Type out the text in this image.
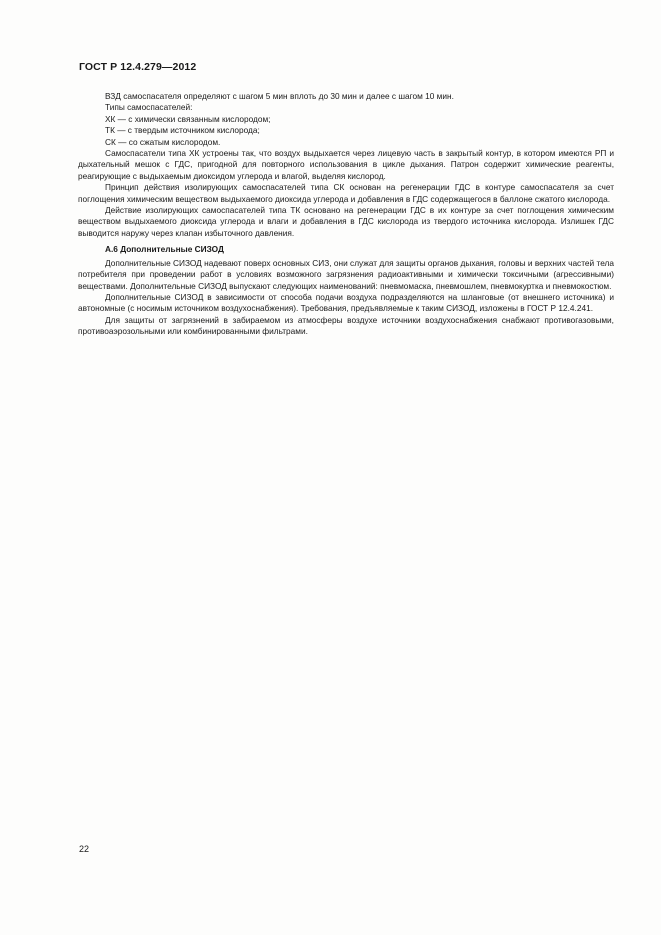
ГОСТ Р 12.4.279—2012

ВЗД самоспасателя определяют с шагом 5 мин вплоть до 30 мин и далее с шагом 10 мин.

Типы самоспасателей:

ХК — с химически связанным кислородом;

ТК — с твердым источником кислорода;

СК — со сжатым кислородом.

Самоспасатели типа ХК устроены так, что воздух выдыхается через лицевую часть в закрытый контур, в котором имеются РП и дыхательный мешок с ГДС, пригодной для повторного использования в цикле дыхания. Патрон содержит химические реагенты, реагирующие с выдыхаемым диоксидом углерода и влагой, выделяя кислород.

Принцип действия изолирующих самоспасателей типа СК основан на регенерации ГДС в контуре самоспасателя за счет поглощения химическим веществом выдыхаемого диоксида углерода и добавления в ГДС содержащегося в баллоне сжатого кислорода.

Действие изолирующих самоспасателей типа ТК основано на регенерации ГДС в их контуре за счет поглощения химическим веществом выдыхаемого диоксида углерода и влаги и добавления в ГДС кислорода из твердого источника кислорода. Излишек ГДС выводится наружу через клапан избыточного давления.

А.6 Дополнительные СИЗОД

Дополнительные СИЗОД надевают поверх основных СИЗ, они служат для защиты органов дыхания, головы и верхних частей тела потребителя при проведении работ в условиях возможного загрязнения радиоактивными и химически токсичными (агрессивными) веществами. Дополнительные СИЗОД выпускают следующих наименований: пневмомаска, пневмошлем, пневмокуртка и пневмокостюм.

Дополнительные СИЗОД в зависимости от способа подачи воздуха подразделяются на шланговые (от внешнего источника) и автономные (с носимым источником воздухоснабжения). Требования, предъявляемые к таким СИЗОД, изложены в ГОСТ Р 12.4.241.

Для защиты от загрязнений в забираемом из атмосферы воздухе источники воздухоснабжения снабжают противогазовыми, противоаэрозольными или комбинированными фильтрами.

22
